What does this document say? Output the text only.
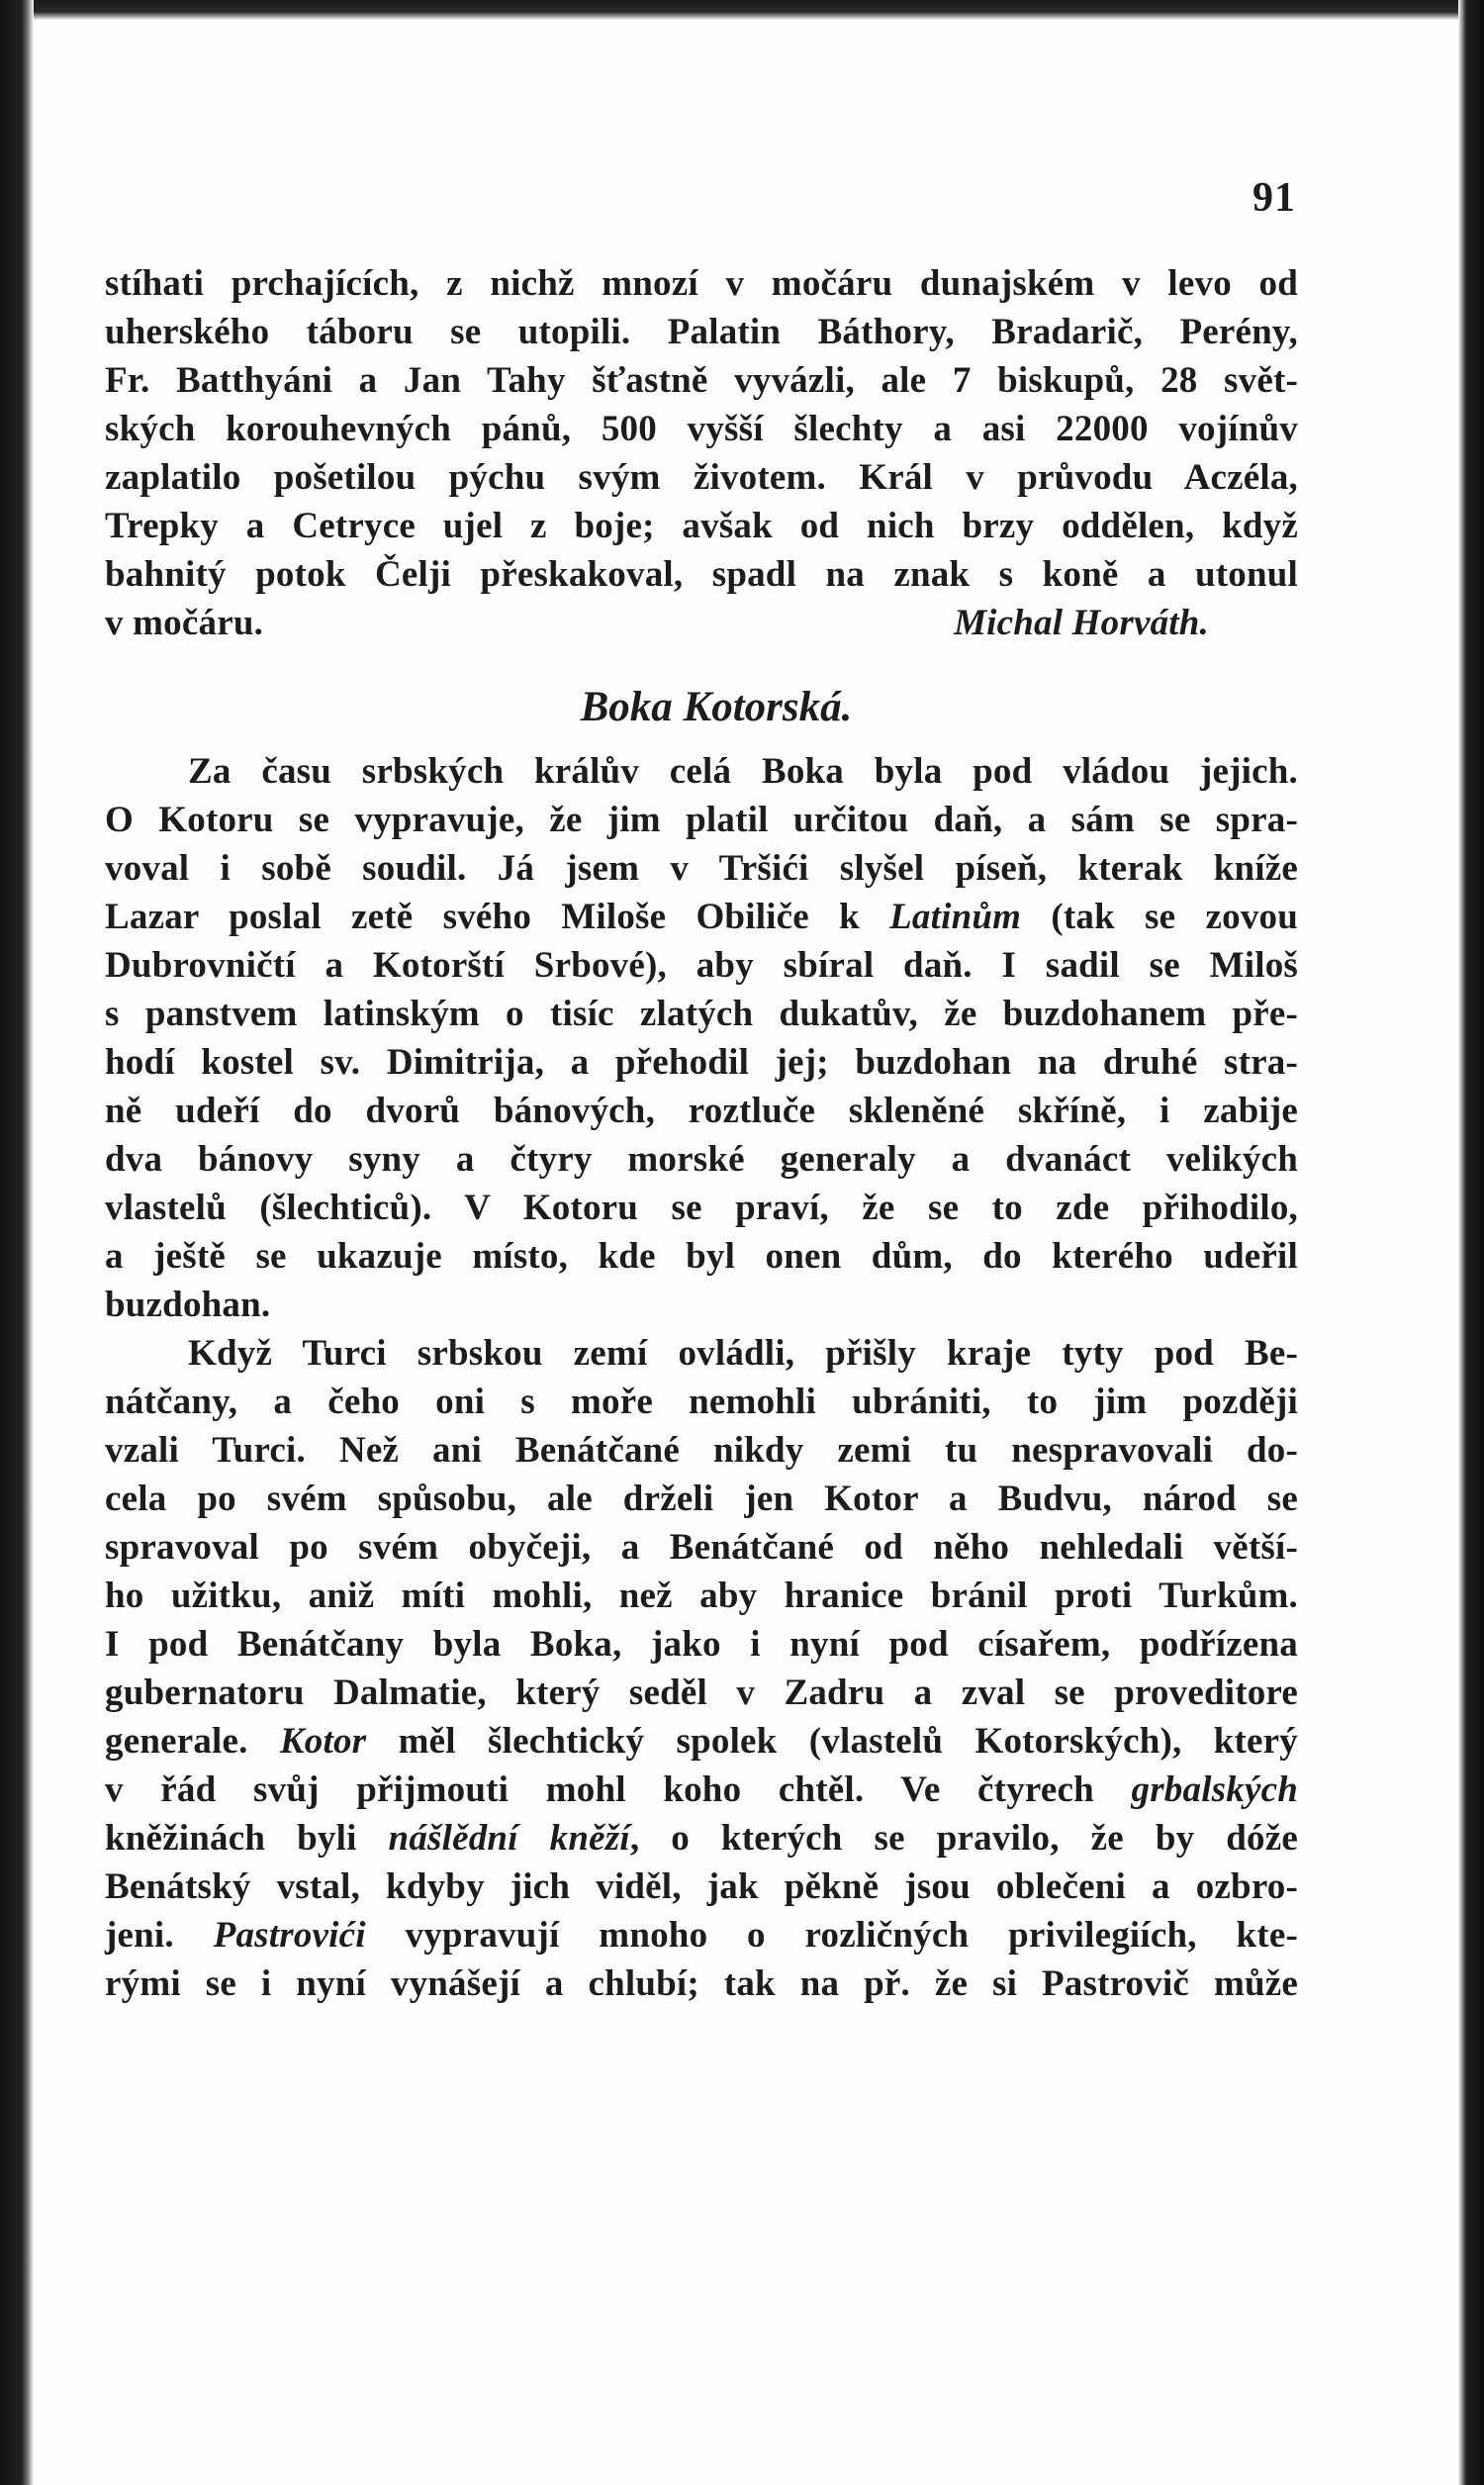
91
stíhati prchajících, z nichž mnozí v močáru dunajském v levo od
uherského táboru se utopili. Palatin Báthory, Bradarič, Perény,
Fr. Batthyáni a Jan Tahy šťastně vyvázli, ale 7 biskupů, 28 svět-
ských korouhevných pánů, 500 vyšší šlechty a asi 22000 vojínův
zaplatilo pošetilou pýchu svým životem. Král v průvodu Aczéla,
Trepky a Cetryce ujel z boje; avšak od nich brzy oddělen, když
bahnitý potok Čelji přeskakoval, spadl na znak s koně a utonul
v močáru.	Michal Horváth.
Boka Kotorská.
Za času srbských králův celá Boka byla pod vládou jejich.
O Kotoru se vypravuje, že jim platil určitou daň, a sám se spra-
voval i sobě soudil. Já jsem v Tršići slyšel píseň, kterak kníže
Lazar poslal zetě svého Miloše Obiliče k Latinům (tak se zovou
Dubrovničtí a Kotorští Srbové), aby sbíral daň. I sadil se Miloš
s panstvem latinským o tisíc zlatých dukatův, že buzdohanem pře-
hodí kostel sv. Dimitrija, a přehodil jej; buzdohan na druhé stra-
ně udeří do dvorů bánových, roztluče skleněné skříně, i zabije
dva bánovy syny a čtyry morské generaly a dvanáct velikých
vlastelů (šlechticů). V Kotoru se praví, že se to zde přihodilo,
a ještě se ukazuje místo, kde byl onen dům, do kterého udeřil
buzdohan.
Když Turci srbskou zemí ovládli, přišly kraje tyty pod Be-
nátčany, a čeho oni s moře nemohli ubrániti, to jim později
vzali Turci. Než ani Benátčané nikdy zemi tu nespravovali do-
cela po svém spůsobu, ale drželi jen Kotor a Budvu, národ se
spravoval po svém obyčeji, a Benátčané od něho nehledali větší-
ho užitku, aniž míti mohli, než aby hranice bránil proti Turkům.
I pod Benátčany byla Boka, jako i nyní pod císařem, podřízena
gubernatoru Dalmatie, který seděl v Zadru a zval se proveditore
generale. Kotor měl šlechtický spolek (vlastelů Kotorských), který
v řád svůj přijmouti mohl koho chtěl. Ve čtyrech grbalských
kněžinách byli nášlědní kněží, o kterých se pravilo, že by dóže
Benátský vstal, kdyby jich viděl, jak pěkně jsou oblečeni a ozbro-
jeni. Pastrovići vypravují mnoho o rozličných privilegiích, kte-
rými se i nyní vynášejí a chlubí; tak na př. že si Pastrovič může
